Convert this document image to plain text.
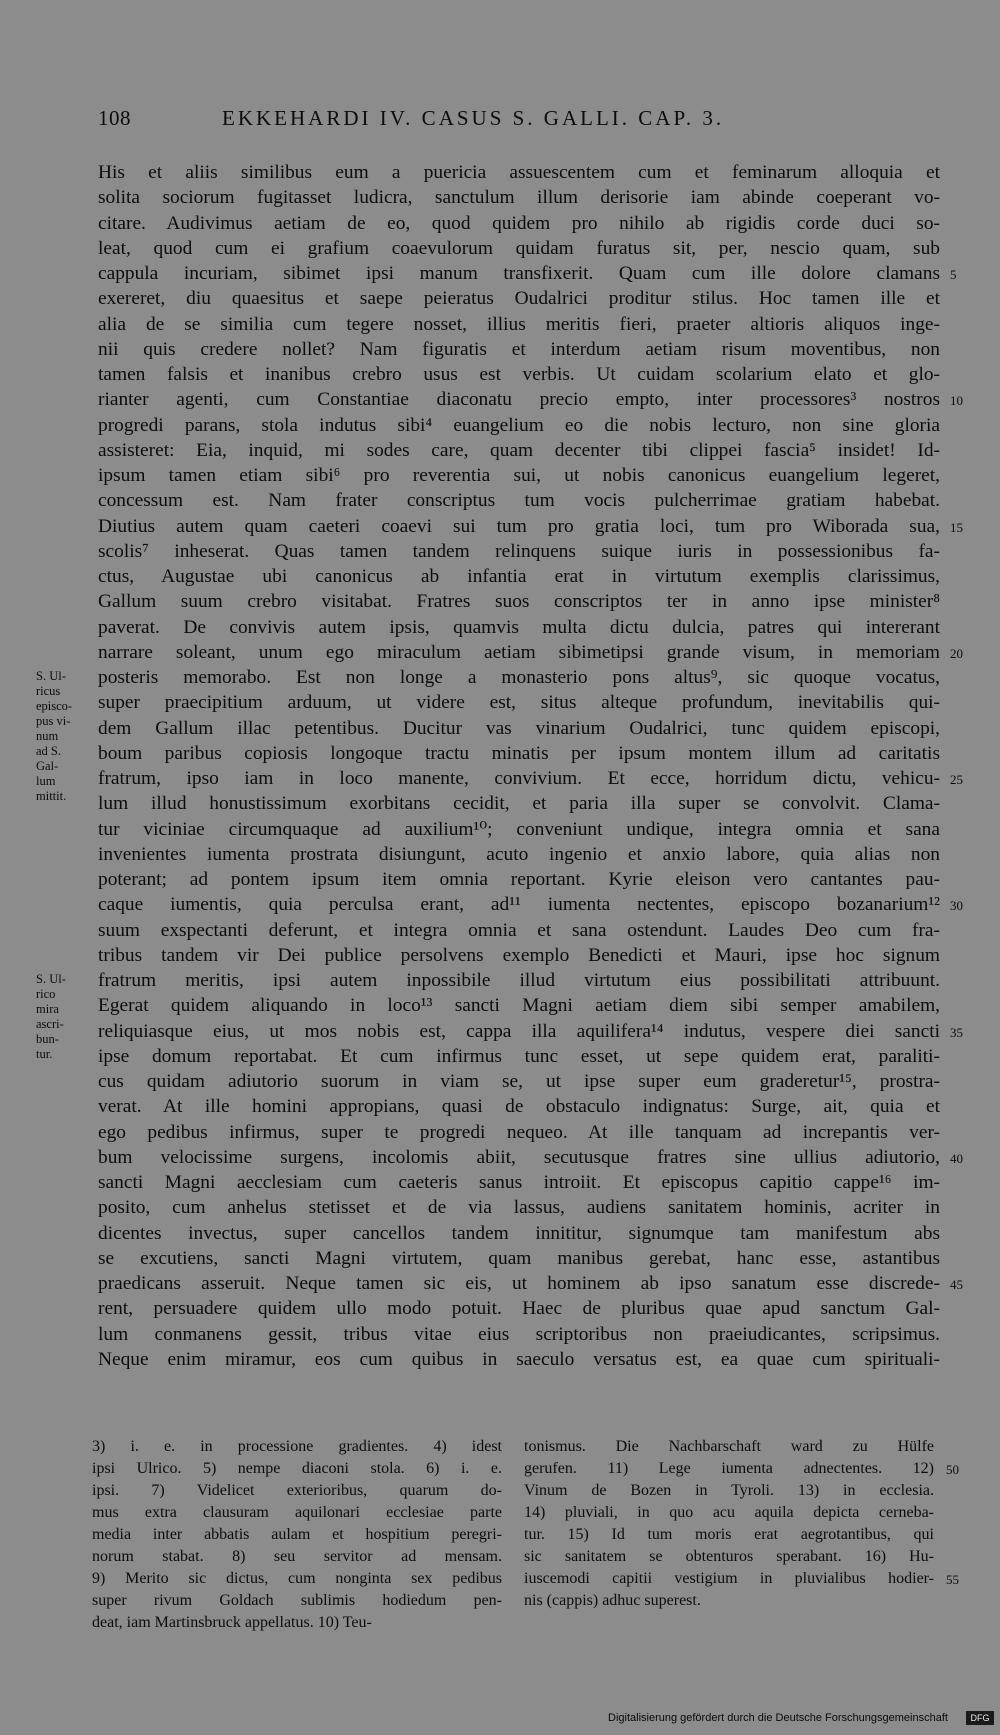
108	EKKEHARDI IV. CASUS S. GALLI. CAP. 3.
His et aliis similibus eum a puericia assuescentem cum et feminarum alloquia et
solita sociorum fugitasset ludicra, sanctulum illum derisorie iam abinde coeperant vo-
citare. Audivimus aetiam de eo, quod quidem pro nihilo ab rigidis corde duci so-
leat, quod cum ei grafium coaevulorum quidam furatus sit, per, nescio quam, sub
cappula incuriam, sibimet ipsi manum transfixerit. Quam cum ille dolore clamans
exereret, diu quaesitus et saepe peieratus Oudalrici proditur stilus. Hoc tamen ille et
alia de se similia cum tegere nosset, illius meritis fieri, praeter altioris aliquos inge-
nii quis credere nollet? Nam figuratis et interdum aetiam risum moventibus, non
tamen falsis et inanibus crebro usus est verbis. Ut cuidam scolarium elato et glo-
rianter agenti, cum Constantiae diaconatu precio empto, inter processores³ nostros
progredi parans, stola indutus sibi⁴ euangelium eo die nobis lecturo, non sine gloria
assisteret: Eia, inquid, mi sodes care, quam decenter tibi clippei fascia⁵ insidet! Id-
ipsum tamen etiam sibi⁶ pro reverentia sui, ut nobis canonicus euangelium legeret,
concessum est. Nam frater conscriptus tum vocis pulcherrimae gratiam habebat.
Diutius autem quam caeteri coaevi sui tum pro gratia loci, tum pro Wiborada sua,
scolis⁷ inheserat. Quas tamen tandem relinquens suique iuris in possessionibus fa-
ctus, Augustae ubi canonicus ab infantia erat in virtutum exemplis clarissimus,
Gallum suum crebro visitabat. Fratres suos conscriptos ter in anno ipse minister⁸
paverat. De convivis autem ipsis, quamvis multa dictu dulcia, patres qui intererant
narrare soleant, unum ego miraculum aetiam sibimetipsi grande visum, in memoriam
posteris memorabo. Est non longe a monasterio pons altus⁹, sic quoque vocatus,
super praecipitium arduum, ut videre est, situs alteque profundum, inevitabilis qui-
dem Gallum illac petentibus. Ducitur vas vinarium Oudalrici, tunc quidem episcopi,
boum paribus copiosis longoque tractu minatis per ipsum montem illum ad caritatis
fratrum, ipso iam in loco manente, convivium. Et ecce, horridum dictu, vehicu-
lum illud honustissimum exorbitans cecidit, et paria illa super se convolvit. Clama-
tur viciniae circumquaque ad auxilium¹⁰; conveniunt undique, integra omnia et sana
invenientes iumenta prostrata disiungunt, acuto ingenio et anxio labore, quia alias non
poterant; ad pontem ipsum item omnia reportant. Kyrie eleison vero cantantes pau-
caque iumentis, quia perculsa erant, ad¹¹ iumenta nectentes, episcopo bozanarium¹²
suum exspectanti deferunt, et integra omnia et sana ostendunt. Laudes Deo cum fra-
tribus tandem vir Dei publice persolvens exemplo Benedicti et Mauri, ipse hoc signum
fratrum meritis, ipsi autem inpossibile illud virtutum eius possibilitati attribuunt.
Egerat quidem aliquando in loco¹³ sancti Magni aetiam diem sibi semper amabilem,
reliquiasque eius, ut mos nobis est, cappa illa aquilifera¹⁴ indutus, vespere diei sancti
ipse domum reportabat. Et cum infirmus tunc esset, ut sepe quidem erat, paraliti-
cus quidam adiutorio suorum in viam se, ut ipse super eum graderetur¹⁵, prostra-
verat. At ille homini appropians, quasi de obstaculo indignatus: Surge, ait, quia et
ego pedibus infirmus, super te progredi nequeo. At ille tanquam ad increpantis ver-
bum velocissime surgens, incolomis abiit, secutusque fratres sine ullius adiutorio,
sancti Magni aecclesiam cum caeteris sanus introiit. Et episcopus capitio cappe¹⁶ im-
posito, cum anhelus stetisset et de via lassus, audiens sanitatem hominis, acriter in
dicentes invectus, super cancellos tandem innititur, signumque tam manifestum abs
se excutiens, sancti Magni virtutem, quam manibus gerebat, hanc esse, astantibus
praedicans asseruit. Neque tamen sic eis, ut hominem ab ipso sanatum esse discrede-
rent, persuadere quidem ullo modo potuit. Haec de pluribus quae apud sanctum Gal-
lum conmanens gessit, tribus vitae eius scriptoribus non praeiudicantes, scripsimus.
Neque enim miramur, eos cum quibus in saeculo versatus est, ea quae cum spirituali-
5
10
15
20
25
30
35
40
45
S. Ul-
ricus
episco-
pus vi-
num
ad S.
Gal-
lum
mittit.
S. Ul-
rico
mira
ascri-
bun-
tur.
50
55
3) i. e. in processione gradientes. 4) idest
ipsi Ulrico. 5) nempe diaconi stola. 6) i. e.
ipsi. 7) Videlicet exterioribus, quarum do-
mus extra clausuram aquilonari ecclesiae parte
media inter abbatis aulam et hospitium peregri-
norum stabat. 8) seu servitor ad mensam.
9) Merito sic dictus, cum nonginta sex pedibus
super rivum Goldach sublimis hodiedum pen-
deat, iam Martinsbruck appellatus. 10) Teu-
tonismus. Die Nachbarschaft ward zu Hülfe
gerufen. 11) Lege iumenta adnectentes. 12)
Vinum de Bozen in Tyroli. 13) in ecclesia.
14) pluviali, in quo acu aquila depicta cerneba-
tur. 15) Id tum moris erat aegrotantibus, qui
sic sanitatem se obtenturos sperabant. 16) Hu-
iuscemodi capitii vestigium in pluvialibus hodier-
nis (cappis) adhuc superest.
Digitalisierung gefördert durch die Deutsche Forschungsgemeinschaft	DFG
